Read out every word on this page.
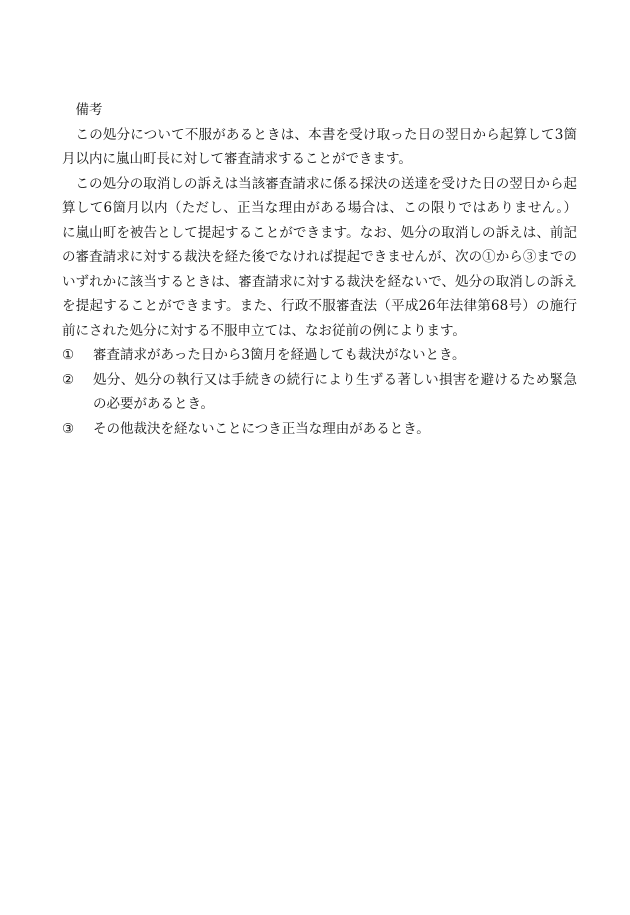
備考

この処分について不服があるときは、本書を受け取った日の翌日から起算して3箇月以内に嵐山町長に対して審査請求することができます。

この処分の取消しの訴えは当該審査請求に係る採決の送達を受けた日の翌日から起算して6箇月以内（ただし、正当な理由がある場合は、この限りではありません。）に嵐山町を被告として提起することができます。なお、処分の取消しの訴えは、前記の審査請求に対する裁決を経た後でなければ提起できませんが、次の①から③までのいずれかに該当するときは、審査請求に対する裁決を経ないで、処分の取消しの訴えを提起することができます。また、行政不服審査法（平成26年法律第68号）の施行前にされた処分に対する不服申立ては、なお従前の例によります。

①	審査請求があった日から3箇月を経過しても裁決がないとき。
②	処分、処分の執行又は手続きの続行により生ずる著しい損害を避けるため緊急の必要があるとき。
③	その他裁決を経ないことにつき正当な理由があるとき。
